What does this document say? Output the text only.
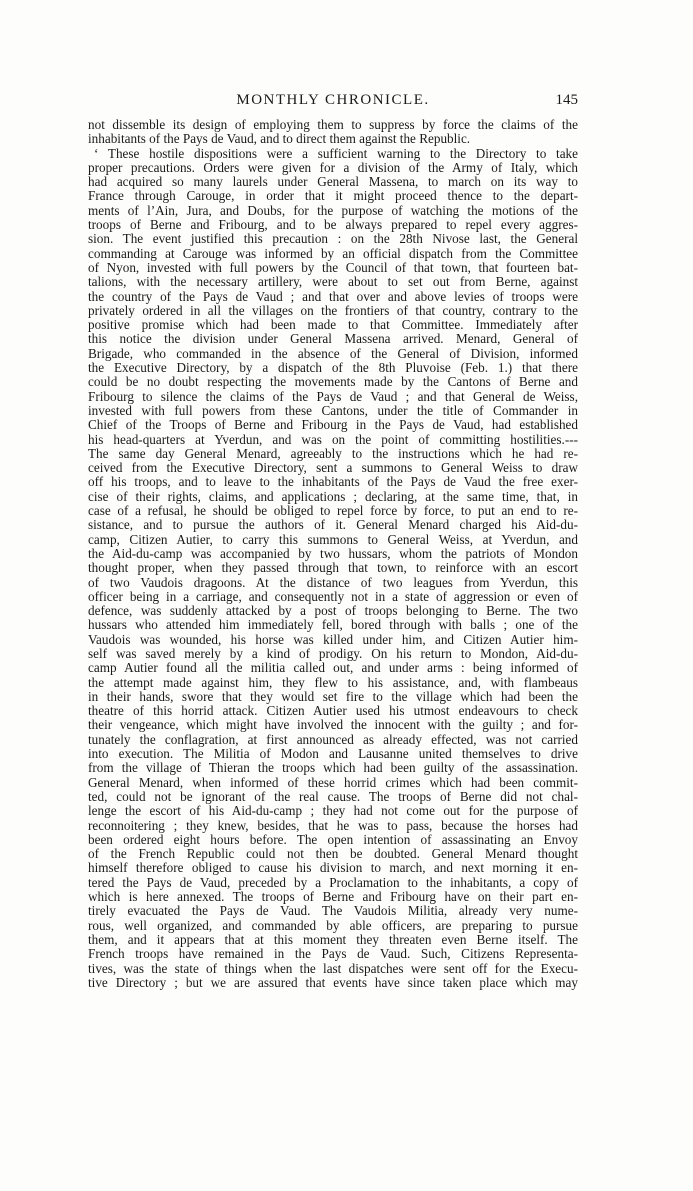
MONTHLY CHRONICLE.	145
not dissemble its design of employing them to suppress by force the claims of the
inhabitants of the Pays de Vaud, and to direct them against the Republic.
‘ These hostile dispositions were a sufficient warning to the Directory to take
proper precautions. Orders were given for a division of the Army of Italy, which
had acquired so many laurels under General Massena, to march on its way to
France through Carouge, in order that it might proceed thence to the depart-
ments of l’Ain, Jura, and Doubs, for the purpose of watching the motions of the
troops of Berne and Fribourg, and to be always prepared to repel every aggres-
sion. The event justified this precaution : on the 28th Nivose last, the General
commanding at Carouge was informed by an official dispatch from the Committee
of Nyon, invested with full powers by the Council of that town, that fourteen bat-
talions, with the necessary artillery, were about to set out from Berne, against
the country of the Pays de Vaud ; and that over and above levies of troops were
privately ordered in all the villages on the frontiers of that country, contrary to the
positive promise which had been made to that Committee. Immediately after
this notice the division under General Massena arrived. Menard, General of
Brigade, who commanded in the absence of the General of Division, informed
the Executive Directory, by a dispatch of the 8th Pluvoise (Feb. 1.) that there
could be no doubt respecting the movements made by the Cantons of Berne and
Fribourg to silence the claims of the Pays de Vaud ; and that General de Weiss,
invested with full powers from these Cantons, under the title of Commander in
Chief of the Troops of Berne and Fribourg in the Pays de Vaud, had established
his head-quarters at Yverdun, and was on the point of committing hostilities.---
The same day General Menard, agreeably to the instructions which he had re-
ceived from the Executive Directory, sent a summons to General Weiss to draw
off his troops, and to leave to the inhabitants of the Pays de Vaud the free exer-
cise of their rights, claims, and applications ; declaring, at the same time, that, in
case of a refusal, he should be obliged to repel force by force, to put an end to re-
sistance, and to pursue the authors of it. General Menard charged his Aid-du-
camp, Citizen Autier, to carry this summons to General Weiss, at Yverdun, and
the Aid-du-camp was accompanied by two hussars, whom the patriots of Mondon
thought proper, when they passed through that town, to reinforce with an escort
of two Vaudois dragoons. At the distance of two leagues from Yverdun, this
officer being in a carriage, and consequently not in a state of aggression or even of
defence, was suddenly attacked by a post of troops belonging to Berne. The two
hussars who attended him immediately fell, bored through with balls ; one of the
Vaudois was wounded, his horse was killed under him, and Citizen Autier him-
self was saved merely by a kind of prodigy. On his return to Mondon, Aid-du-
camp Autier found all the militia called out, and under arms : being informed of
the attempt made against him, they flew to his assistance, and, with flambeaus
in their hands, swore that they would set fire to the village which had been the
theatre of this horrid attack. Citizen Autier used his utmost endeavours to check
their vengeance, which might have involved the innocent with the guilty ; and for-
tunately the conflagration, at first announced as already effected, was not carried
into execution. The Militia of Modon and Lausanne united themselves to drive
from the village of Thieran the troops which had been guilty of the assassination.
General Menard, when informed of these horrid crimes which had been commit-
ted, could not be ignorant of the real cause. The troops of Berne did not chal-
lenge the escort of his Aid-du-camp ; they had not come out for the purpose of
reconnoitering ; they knew, besides, that he was to pass, because the horses had
been ordered eight hours before. The open intention of assassinating an Envoy
of the French Republic could not then be doubted. General Menard thought
himself therefore obliged to cause his division to march, and next morning it en-
tered the Pays de Vaud, preceded by a Proclamation to the inhabitants, a copy of
which is here annexed. The troops of Berne and Fribourg have on their part en-
tirely evacuated the Pays de Vaud. The Vaudois Militia, already very nume-
rous, well organized, and commanded by able officers, are preparing to pursue
them, and it appears that at this moment they threaten even Berne itself. The
French troops have remained in the Pays de Vaud. Such, Citizens Representa-
tives, was the state of things when the last dispatches were sent off for the Execu-
tive Directory ; but we are assured that events have since taken place which may
